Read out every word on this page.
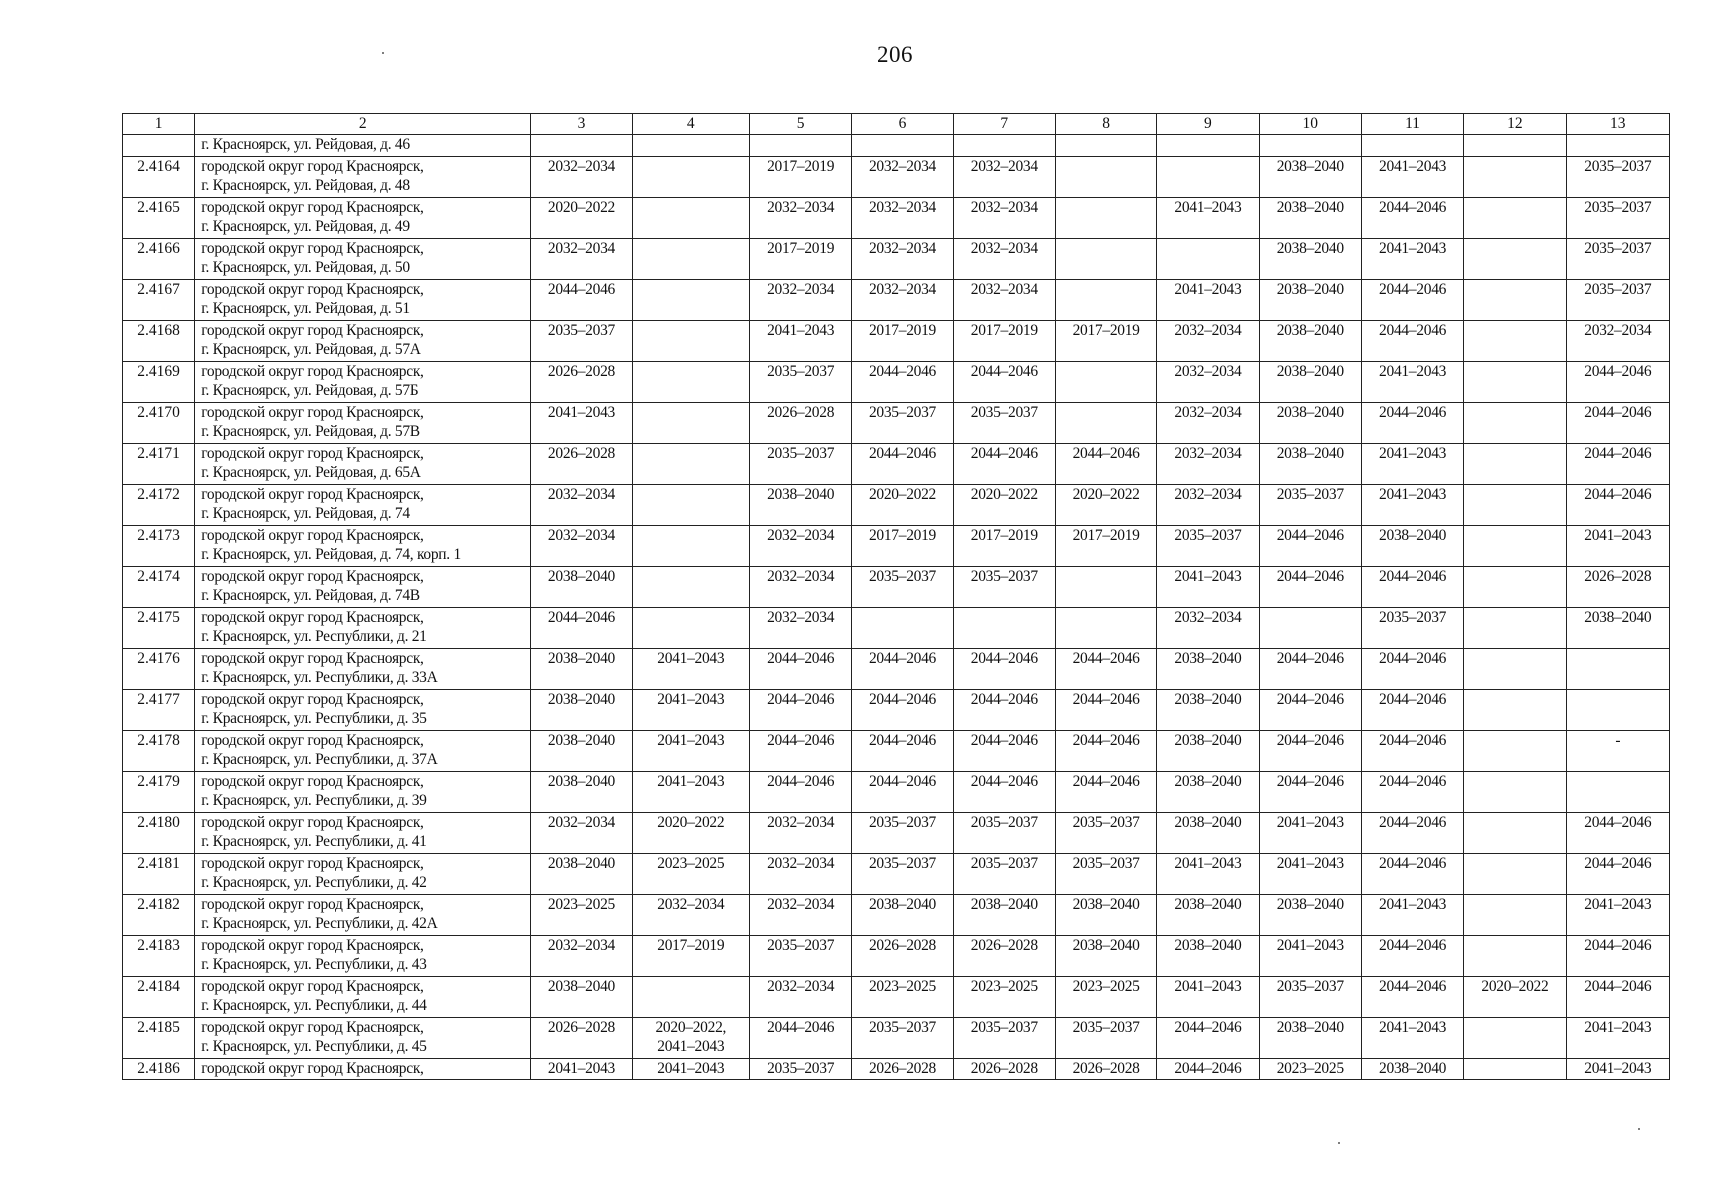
206
1	2	3	4	5	6	7	8	9	10	11	12	13

	г. Красноярск, ул. Рейдовая, д. 46											

2.4164	городской округ город Красноярск,
г. Красноярск, ул. Рейдовая, д. 48	2032–2034		2017–2019	2032–2034	2032–2034			2038–2040	2041–2043		2035–2037

2.4165	городской округ город Красноярск,
г. Красноярск, ул. Рейдовая, д. 49	2020–2022		2032–2034	2032–2034	2032–2034		2041–2043	2038–2040	2044–2046		2035–2037

2.4166	городской округ город Красноярск,
г. Красноярск, ул. Рейдовая, д. 50	2032–2034		2017–2019	2032–2034	2032–2034			2038–2040	2041–2043		2035–2037

2.4167	городской округ город Красноярск,
г. Красноярск, ул. Рейдовая, д. 51	2044–2046		2032–2034	2032–2034	2032–2034		2041–2043	2038–2040	2044–2046		2035–2037

2.4168	городской округ город Красноярск,
г. Красноярск, ул. Рейдовая, д. 57А	2035–2037		2041–2043	2017–2019	2017–2019	2017–2019	2032–2034	2038–2040	2044–2046		2032–2034

2.4169	городской округ город Красноярск,
г. Красноярск, ул. Рейдовая, д. 57Б	2026–2028		2035–2037	2044–2046	2044–2046		2032–2034	2038–2040	2041–2043		2044–2046

2.4170	городской округ город Красноярск,
г. Красноярск, ул. Рейдовая, д. 57В	2041–2043		2026–2028	2035–2037	2035–2037		2032–2034	2038–2040	2044–2046		2044–2046

2.4171	городской округ город Красноярск,
г. Красноярск, ул. Рейдовая, д. 65А	2026–2028		2035–2037	2044–2046	2044–2046	2044–2046	2032–2034	2038–2040	2041–2043		2044–2046

2.4172	городской округ город Красноярск,
г. Красноярск, ул. Рейдовая, д. 74	2032–2034		2038–2040	2020–2022	2020–2022	2020–2022	2032–2034	2035–2037	2041–2043		2044–2046

2.4173	городской округ город Красноярск,
г. Красноярск, ул. Рейдовая, д. 74, корп. 1	2032–2034		2032–2034	2017–2019	2017–2019	2017–2019	2035–2037	2044–2046	2038–2040		2041–2043

2.4174	городской округ город Красноярск,
г. Красноярск, ул. Рейдовая, д. 74В	2038–2040		2032–2034	2035–2037	2035–2037		2041–2043	2044–2046	2044–2046		2026–2028

2.4175	городской округ город Красноярск,
г. Красноярск, ул. Республики, д. 21	2044–2046		2032–2034				2032–2034		2035–2037		2038–2040

2.4176	городской округ город Красноярск,
г. Красноярск, ул. Республики, д. 33А	2038–2040	2041–2043	2044–2046	2044–2046	2044–2046	2044–2046	2038–2040	2044–2046	2044–2046		

2.4177	городской округ город Красноярск,
г. Красноярск, ул. Республики, д. 35	2038–2040	2041–2043	2044–2046	2044–2046	2044–2046	2044–2046	2038–2040	2044–2046	2044–2046		

2.4178	городской округ город Красноярск,
г. Красноярск, ул. Республики, д. 37А	2038–2040	2041–2043	2044–2046	2044–2046	2044–2046	2044–2046	2038–2040	2044–2046	2044–2046		-

2.4179	городской округ город Красноярск,
г. Красноярск, ул. Республики, д. 39	2038–2040	2041–2043	2044–2046	2044–2046	2044–2046	2044–2046	2038–2040	2044–2046	2044–2046		

2.4180	городской округ город Красноярск,
г. Красноярск, ул. Республики, д. 41	2032–2034	2020–2022	2032–2034	2035–2037	2035–2037	2035–2037	2038–2040	2041–2043	2044–2046		2044–2046

2.4181	городской округ город Красноярск,
г. Красноярск, ул. Республики, д. 42	2038–2040	2023–2025	2032–2034	2035–2037	2035–2037	2035–2037	2041–2043	2041–2043	2044–2046		2044–2046

2.4182	городской округ город Красноярск,
г. Красноярск, ул. Республики, д. 42А	2023–2025	2032–2034	2032–2034	2038–2040	2038–2040	2038–2040	2038–2040	2038–2040	2041–2043		2041–2043

2.4183	городской округ город Красноярск,
г. Красноярск, ул. Республики, д. 43	2032–2034	2017–2019	2035–2037	2026–2028	2026–2028	2038–2040	2038–2040	2041–2043	2044–2046		2044–2046

2.4184	городской округ город Красноярск,
г. Красноярск, ул. Республики, д. 44	2038–2040		2032–2034	2023–2025	2023–2025	2023–2025	2041–2043	2035–2037	2044–2046	2020–2022	2044–2046

2.4185	городской округ город Красноярск,
г. Красноярск, ул. Республики, д. 45	2026–2028	2020–2022,
2041–2043	2044–2046	2035–2037	2035–2037	2035–2037	2044–2046	2038–2040	2041–2043		2041–2043

2.4186	городской округ город Красноярск,	2041–2043	2041–2043	2035–2037	2026–2028	2026–2028	2026–2028	2044–2046	2023–2025	2038–2040		2041–2043
